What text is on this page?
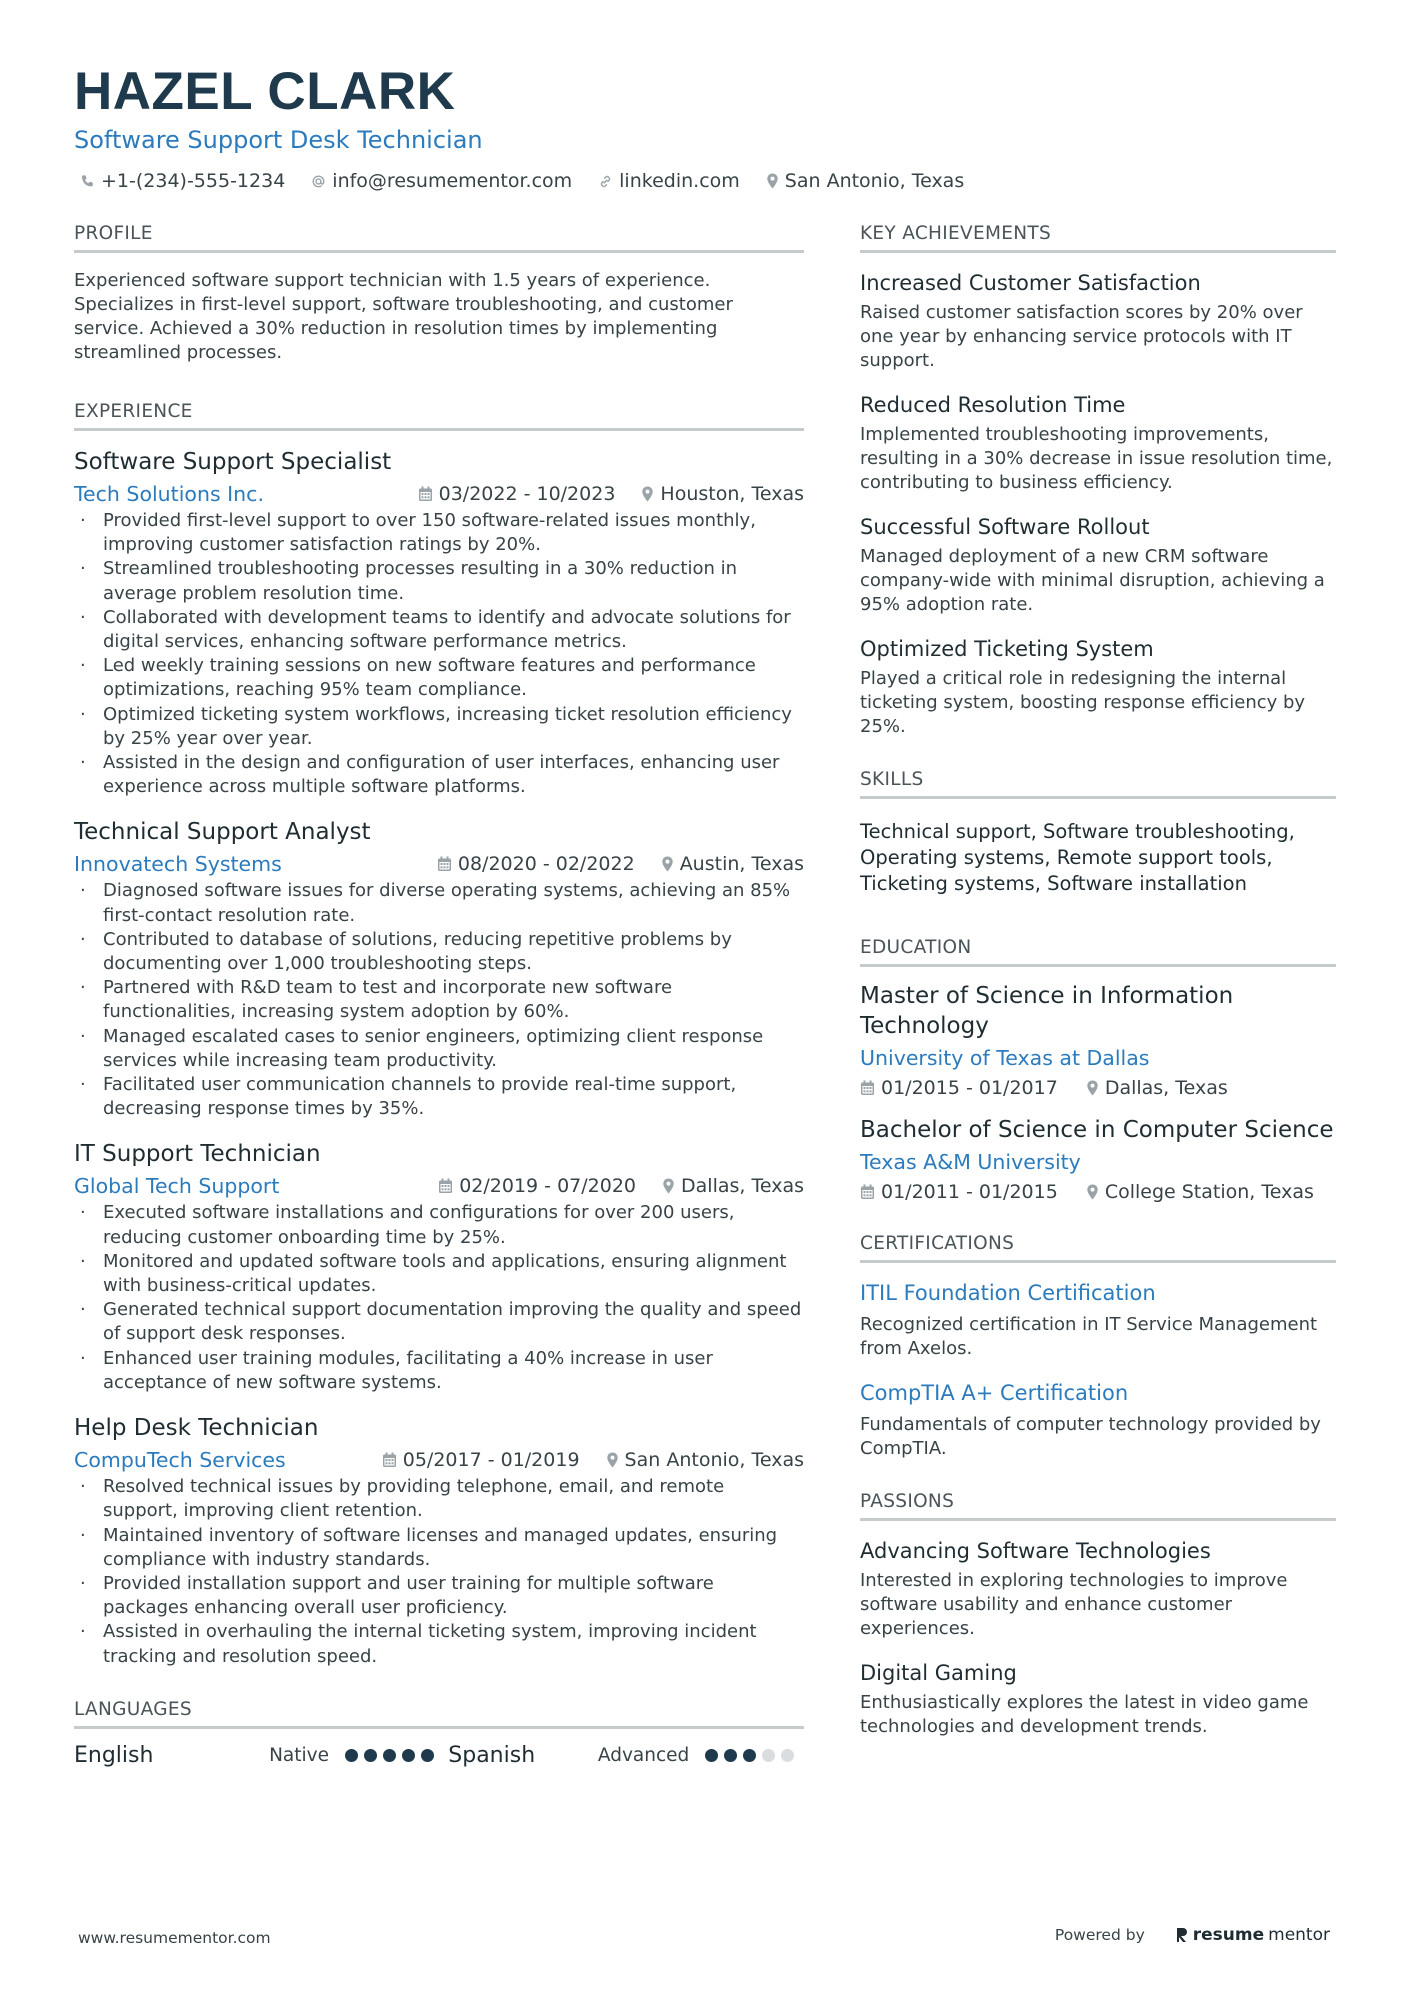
HAZEL CLARK
Software Support Desk Technician
+1-(234)-555-1234 info@resumementor.com linkedin.com San Antonio, Texas
PROFILE
Experienced software support technician with 1.5 years of experience. Specializes in first-level support, software troubleshooting, and customer service. Achieved a 30% reduction in resolution times by implementing streamlined processes.
EXPERIENCE
Software Support Specialist
Tech Solutions Inc.	03/2022 - 10/2023 Houston, Texas
· Provided first-level support to over 150 software-related issues monthly, improving customer satisfaction ratings by 20%.
· Streamlined troubleshooting processes resulting in a 30% reduction in average problem resolution time.
· Collaborated with development teams to identify and advocate solutions for digital services, enhancing software performance metrics.
· Led weekly training sessions on new software features and performance optimizations, reaching 95% team compliance.
· Optimized ticketing system workflows, increasing ticket resolution efficiency by 25% year over year.
· Assisted in the design and configuration of user interfaces, enhancing user experience across multiple software platforms.
Technical Support Analyst
Innovatech Systems	08/2020 - 02/2022 Austin, Texas
· Diagnosed software issues for diverse operating systems, achieving an 85% first-contact resolution rate.
· Contributed to database of solutions, reducing repetitive problems by documenting over 1,000 troubleshooting steps.
· Partnered with R&D team to test and incorporate new software functionalities, increasing system adoption by 60%.
· Managed escalated cases to senior engineers, optimizing client response services while increasing team productivity.
· Facilitated user communication channels to provide real-time support, decreasing response times by 35%.
IT Support Technician
Global Tech Support	02/2019 - 07/2020 Dallas, Texas
· Executed software installations and configurations for over 200 users, reducing customer onboarding time by 25%.
· Monitored and updated software tools and applications, ensuring alignment with business-critical updates.
· Generated technical support documentation improving the quality and speed of support desk responses.
· Enhanced user training modules, facilitating a 40% increase in user acceptance of new software systems.
Help Desk Technician
CompuTech Services	05/2017 - 01/2019 San Antonio, Texas
· Resolved technical issues by providing telephone, email, and remote support, improving client retention.
· Maintained inventory of software licenses and managed updates, ensuring compliance with industry standards.
· Provided installation support and user training for multiple software packages enhancing overall user proficiency.
· Assisted in overhauling the internal ticketing system, improving incident tracking and resolution speed.
LANGUAGES
English	Native	Spanish	Advanced
KEY ACHIEVEMENTS
Increased Customer Satisfaction
Raised customer satisfaction scores by 20% over one year by enhancing service protocols with IT support.
Reduced Resolution Time
Implemented troubleshooting improvements, resulting in a 30% decrease in issue resolution time, contributing to business efficiency.
Successful Software Rollout
Managed deployment of a new CRM software company-wide with minimal disruption, achieving a 95% adoption rate.
Optimized Ticketing System
Played a critical role in redesigning the internal ticketing system, boosting response efficiency by 25%.
SKILLS
Technical support, Software troubleshooting, Operating systems, Remote support tools, Ticketing systems, Software installation
EDUCATION
Master of Science in Information Technology
University of Texas at Dallas
01/2015 - 01/2017 Dallas, Texas
Bachelor of Science in Computer Science
Texas A&M University
01/2011 - 01/2015 College Station, Texas
CERTIFICATIONS
ITIL Foundation Certification
Recognized certification in IT Service Management from Axelos.
CompTIA A+ Certification
Fundamentals of computer technology provided by CompTIA.
PASSIONS
Advancing Software Technologies
Interested in exploring technologies to improve software usability and enhance customer experiences.
Digital Gaming
Enthusiastically explores the latest in video game technologies and development trends.
www.resumementor.com	Powered by	resume mentor
